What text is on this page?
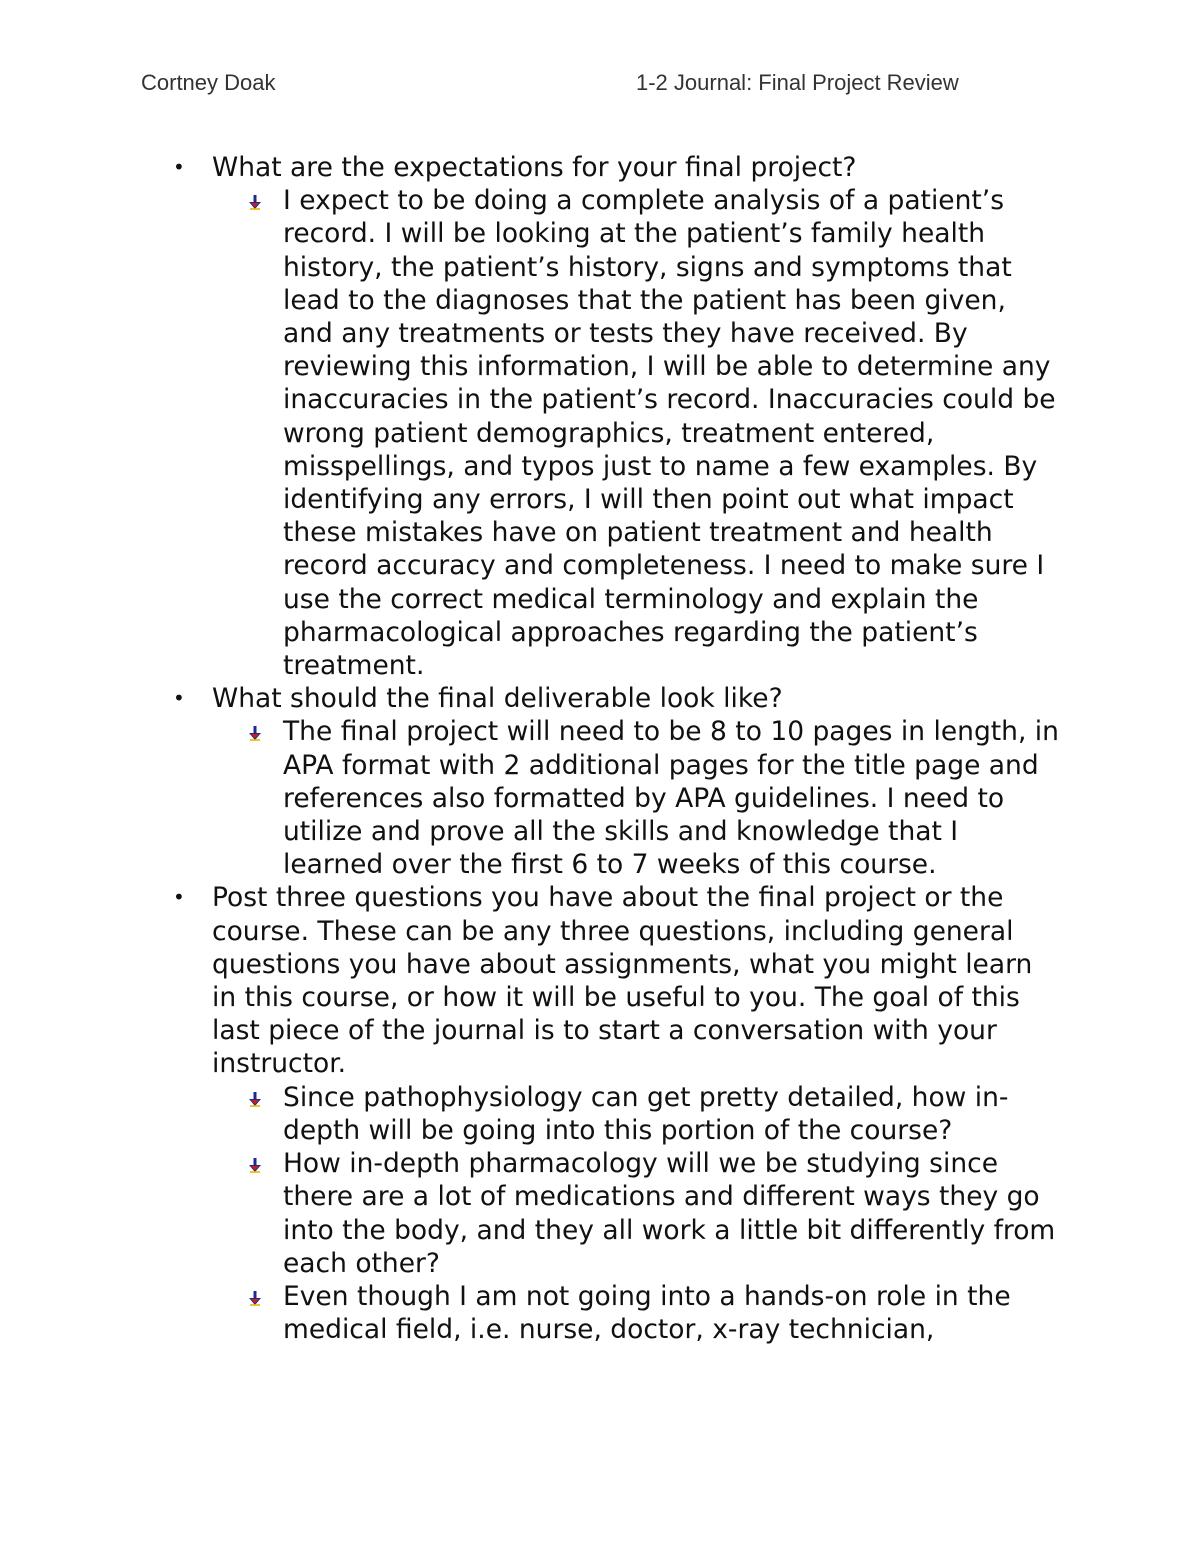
Cortney Doak	1-2 Journal: Final Project Review
•	What are the expectations for your final project?
I expect to be doing a complete analysis of a patient’s record. I will be looking at the patient’s family health history, the patient’s history, signs and symptoms that lead to the diagnoses that the patient has been given, and any treatments or tests they have received. By reviewing this information, I will be able to determine any inaccuracies in the patient’s record. Inaccuracies could be wrong patient demographics, treatment entered, misspellings, and typos just to name a few examples. By identifying any errors, I will then point out what impact these mistakes have on patient treatment and health record accuracy and completeness. I need to make sure I use the correct medical terminology and explain the pharmacological approaches regarding the patient’s treatment.
•	What should the final deliverable look like?
The final project will need to be 8 to 10 pages in length, in APA format with 2 additional pages for the title page and references also formatted by APA guidelines. I need to utilize and prove all the skills and knowledge that I learned over the first 6 to 7 weeks of this course.
•	Post three questions you have about the final project or the course. These can be any three questions, including general questions you have about assignments, what you might learn in this course, or how it will be useful to you. The goal of this last piece of the journal is to start a conversation with your instructor.
Since pathophysiology can get pretty detailed, how in-depth will be going into this portion of the course?
How in-depth pharmacology will we be studying since there are a lot of medications and different ways they go into the body, and they all work a little bit differently from each other?
Even though I am not going into a hands-on role in the medical field, i.e. nurse, doctor, x-ray technician,
